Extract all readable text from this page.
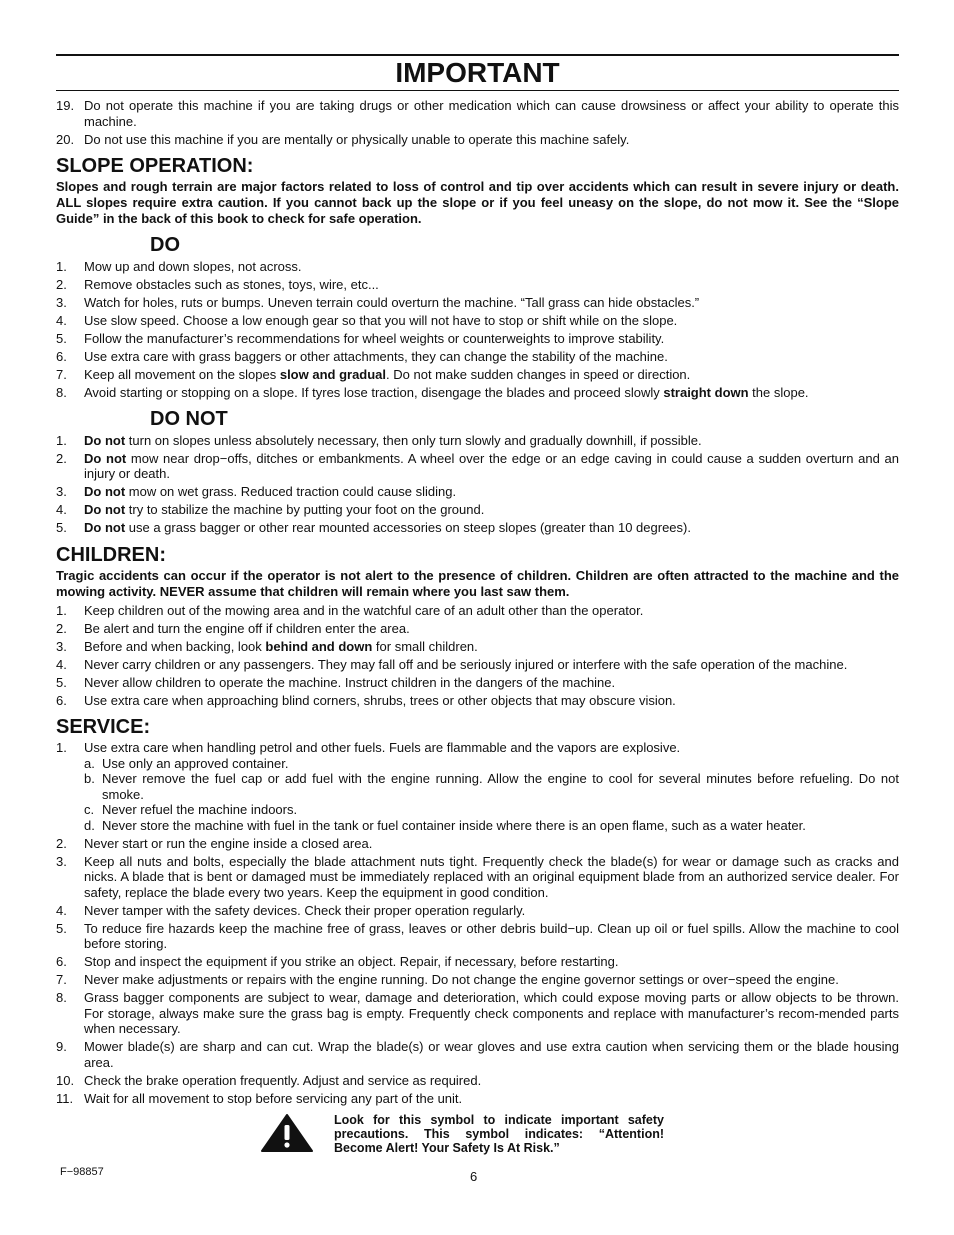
IMPORTANT
19. Do not operate this machine if you are taking drugs or other medication which can cause drowsiness or affect your ability to operate this machine.
20. Do not use this machine if you are mentally or physically unable to operate this machine safely.
SLOPE OPERATION:
Slopes and rough terrain are major factors related to loss of control and tip over accidents which can result in severe injury or death. ALL slopes require extra caution. If you cannot back up the slope or if you feel uneasy on the slope, do not mow it. See the “Slope Guide” in the back of this book to check for safe operation.
DO
1.	Mow up and down slopes, not across.
2.	Remove obstacles such as stones, toys, wire, etc...
3.	Watch for holes, ruts or bumps. Uneven terrain could overturn the machine. “Tall grass can hide obstacles.”
4.	Use slow speed. Choose a low enough gear so that you will not have to stop or shift while on the slope.
5.	Follow the manufacturer’s recommendations for wheel weights or counterweights to improve stability.
6.	Use extra care with grass baggers or other attachments, they can change the stability of the machine.
7.	Keep all movement on the slopes slow and gradual. Do not make sudden changes in speed or direction.
8.	Avoid starting or stopping on a slope. If tyres lose traction, disengage the blades and proceed slowly straight down the slope.
DO NOT
1.	Do not turn on slopes unless absolutely necessary, then only turn slowly and gradually downhill, if possible.
2.	Do not mow near drop−offs, ditches or embankments. A wheel over the edge or an edge caving in could cause a sudden overturn and an injury or death.
3.	Do not mow on wet grass. Reduced traction could cause sliding.
4.	Do not try to stabilize the machine by putting your foot on the ground.
5.	Do not use a grass bagger or other rear mounted accessories on steep slopes (greater than 10 degrees).
CHILDREN:
Tragic accidents can occur if the operator is not alert to the presence of children. Children are often attracted to the machine and the mowing activity. NEVER assume that children will remain where you last saw them.
1.	Keep children out of the mowing area and in the watchful care of an adult other than the operator.
2.	Be alert and turn the engine off if children enter the area.
3.	Before and when backing, look behind and down for small children.
4.	Never carry children or any passengers. They may fall off and be seriously injured or interfere with the safe operation of the machine.
5.	Never allow children to operate the machine. Instruct children in the dangers of the machine.
6.	Use extra care when approaching blind corners, shrubs, trees or other objects that may obscure vision.
SERVICE:
1.	Use extra care when handling petrol and other fuels. Fuels are flammable and the vapors are explosive.
a. Use only an approved container.
b. Never remove the fuel cap or add fuel with the engine running. Allow the engine to cool for several minutes before refueling. Do not smoke.
c. Never refuel the machine indoors.
d. Never store the machine with fuel in the tank or fuel container inside where there is an open flame, such as a water heater.
2.	Never start or run the engine inside a closed area.
3.	Keep all nuts and bolts, especially the blade attachment nuts tight. Frequently check the blade(s) for wear or damage such as cracks and nicks. A blade that is bent or damaged must be immediately replaced with an original equipment blade from an authorized service dealer. For safety, replace the blade every two years. Keep the equipment in good condition.
4.	Never tamper with the safety devices. Check their proper operation regularly.
5.	To reduce fire hazards keep the machine free of grass, leaves or other debris build−up. Clean up oil or fuel spills. Allow the machine to cool before storing.
6.	Stop and inspect the equipment if you strike an object. Repair, if necessary, before restarting.
7.	Never make adjustments or repairs with the engine running. Do not change the engine governor settings or over−speed the engine.
8.	Grass bagger components are subject to wear, damage and deterioration, which could expose moving parts or allow objects to be thrown. For storage, always make sure the grass bag is empty. Frequently check components and replace with manufacturer’s recom-mended parts when necessary.
9.	Mower blade(s) are sharp and can cut. Wrap the blade(s) or wear gloves and use extra caution when servicing them or the blade housing area.
10. Check the brake operation frequently. Adjust and service as required.
11. Wait for all movement to stop before servicing any part of the unit.
Look for this symbol to indicate important safety precautions. This symbol indicates: “Attention! Become Alert! Your Safety Is At Risk.”
F−98857	6
